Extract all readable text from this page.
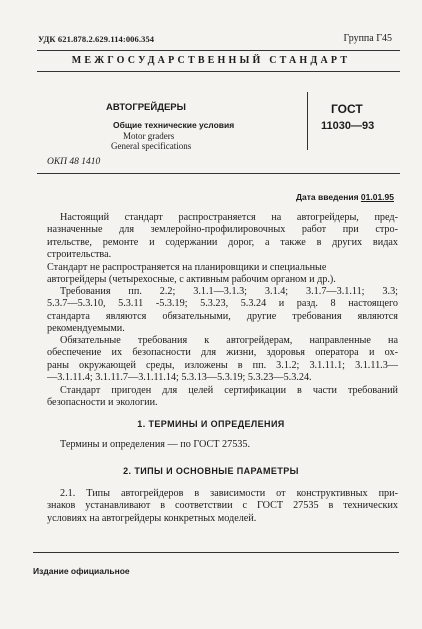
УДК 621.878.2.629.114:006.354	Группа Г45
МЕЖГОСУДАРСТВЕННЫЙ СТАНДАРТ
АВТОГРЕЙДЕРЫ
Общие технические условия
Motor graders
General specifications
ГОСТ
11030—93
ОКП 48 1410
Дата введения 01.01.95
Настоящий стандарт распространяется на автогрейдеры, пред-
назначенные для землеройно-профилировочных работ при стро-
ительстве, ремонте и содержании дорог, а также в других видах
строительства.
Стандарт не распространяется на планировщики и специальные
автогрейдеры (четырехосные, с активным рабочим органом и др.).
Требования пп. 2.2; 3.1.1—3.1.3; 3.1.4; 3.1.7—3.1.11; 3.3;
5.3.7—5.3.10, 5.3.11 -5.3.19; 5.3.23, 5.3.24 и разд. 8 настоящего
стандарта являются обязательными, другие требования являются
рекомендуемыми.
Обязательные требования к автогрейдерам, направленные на
обеспечение их безопасности для жизни, здоровья оператора и ох-
раны окружающей среды, изложены в пп. 3.1.2; 3.1.11.1; 3.1.11.3—
—3.1.11.4; 3.1.11.7—3.1.11.14; 5.3.13—5.3.19; 5.3.23—5.3.24.
Стандарт пригоден для целей сертификации в части требований
безопасности и экологии.
1. ТЕРМИНЫ И ОПРЕДЕЛЕНИЯ
Термины и определения — по ГОСТ 27535.
2. ТИПЫ И ОСНОВНЫЕ ПАРАМЕТРЫ
2.1. Типы автогрейдеров в зависимости от конструктивных при-
знаков устанавливают в соответствии с ГОСТ 27535 в технических
условиях на автогрейдеры конкретных моделей.
Издание официальное
